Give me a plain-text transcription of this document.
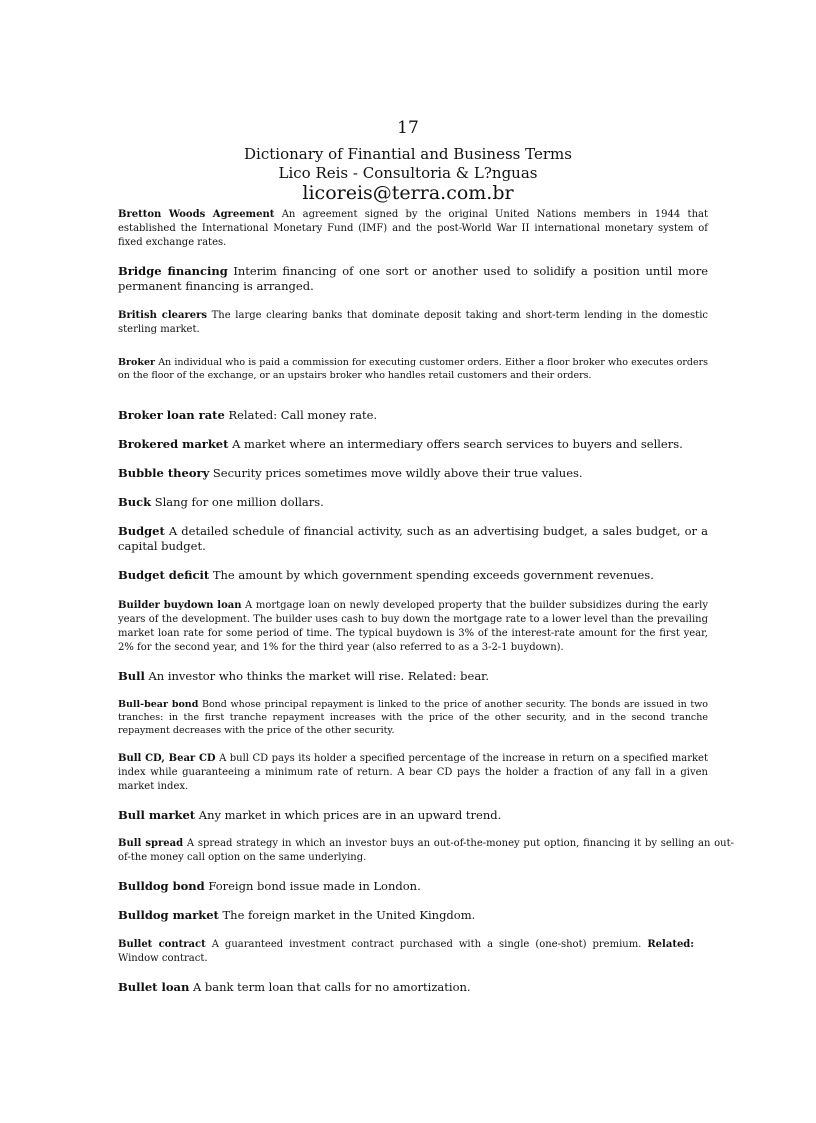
17
Dictionary of Finantial and Business Terms
Lico Reis - Consultoria & L?nguas
licoreis@terra.com.br

Bretton Woods Agreement An agreement signed by the original United Nations members in 1944 that established the International Monetary Fund (IMF) and the post-World War II international monetary system of fixed exchange rates.

Bridge financing Interim financing of one sort or another used to solidify a position until more permanent financing is arranged.

British clearers The large clearing banks that dominate deposit taking and short-term lending in the domestic sterling market.

Broker An individual who is paid a commission for executing customer orders. Either a floor broker who executes orders on the floor of the exchange, or an upstairs broker who handles retail customers and their orders.

Broker loan rate Related: Call money rate.

Brokered market A market where an intermediary offers search services to buyers and sellers.

Bubble theory Security prices sometimes move wildly above their true values.

Buck Slang for one million dollars.

Budget A detailed schedule of financial activity, such as an advertising budget, a sales budget, or a capital budget.

Budget deficit The amount by which government spending exceeds government revenues.

Builder buydown loan A mortgage loan on newly developed property that the builder subsidizes during the early years of the development. The builder uses cash to buy down the mortgage rate to a lower level than the prevailing market loan rate for some period of time. The typical buydown is 3% of the interest-rate amount for the first year, 2% for the second year, and 1% for the third year (also referred to as a 3-2-1 buydown).

Bull An investor who thinks the market will rise. Related: bear.

Bull-bear bond Bond whose principal repayment is linked to the price of another security. The bonds are issued in two tranches: in the first tranche repayment increases with the price of the other security, and in the second tranche repayment decreases with the price of the other security.

Bull CD, Bear CD A bull CD pays its holder a specified percentage of the increase in return on a specified market index while guaranteeing a minimum rate of return. A bear CD pays the holder a fraction of any fall in a given market index.

Bull market Any market in which prices are in an upward trend.

Bull spread A spread strategy in which an investor buys an out-of-the-money put option, financing it by selling an out-of-the money call option on the same underlying.

Bulldog bond Foreign bond issue made in London.

Bulldog market The foreign market in the United Kingdom.

Bullet contract A guaranteed investment contract purchased with a single (one-shot) premium. Related: Window contract.

Bullet loan A bank term loan that calls for no amortization.
